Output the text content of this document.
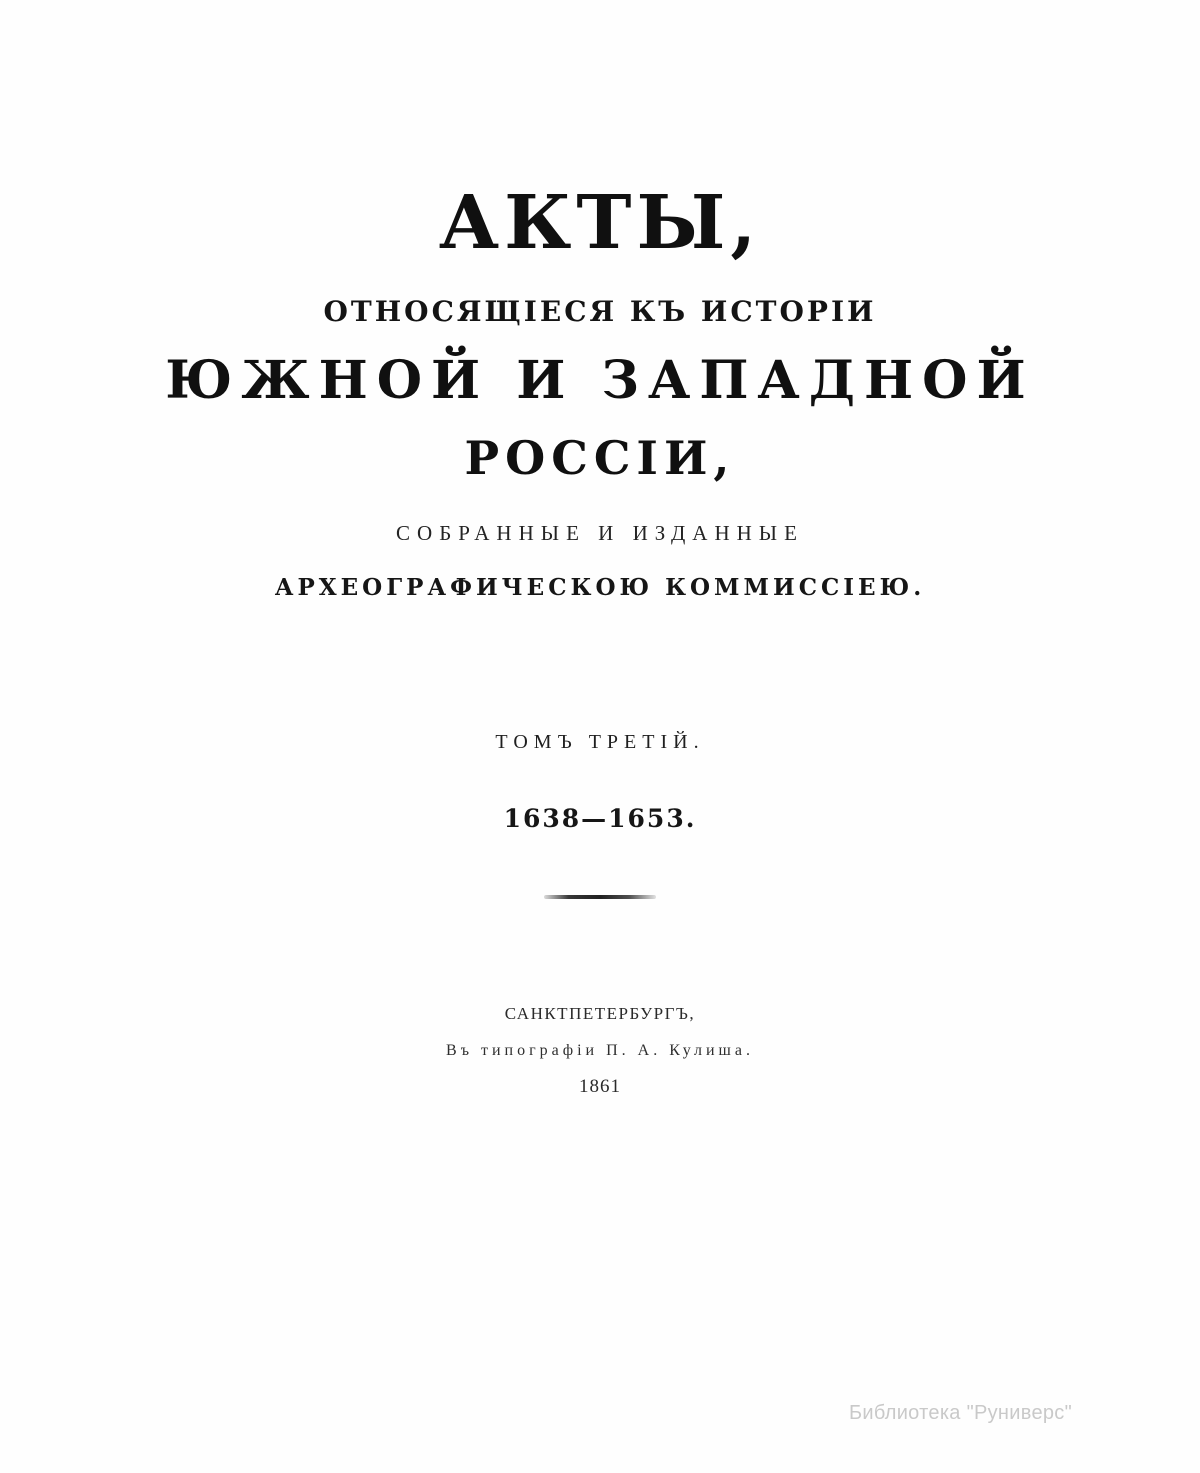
АКТЫ,
ОТНОСЯЩІЕСЯ КЪ ИСТОРІИ
ЮЖНОЙ И ЗАПАДНОЙ
РОССІИ,
СОБРАННЫЕ И ИЗДАННЫЕ
АРХЕОГРАФИЧЕСКОЮ КОММИССІЕЮ.
ТОМЪ ТРЕТІЙ.
1638—1653.
САНКТПЕТЕРБУРГЪ,
Въ типографіи П. А. Кулиша.
1861
Библиотека "Руниверс"
